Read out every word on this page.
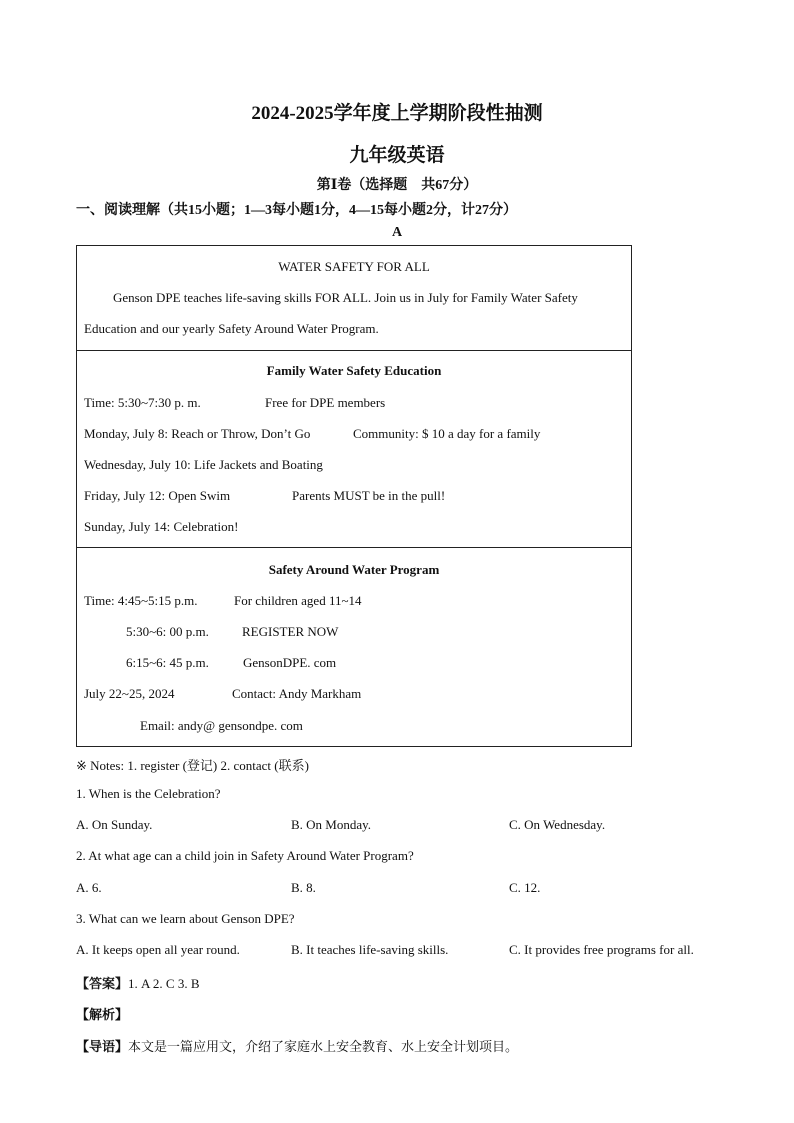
2024-2025学年度上学期阶段性抽测
九年级英语
第Ⅰ卷（选择题　共67分）
一、阅读理解（共15小题；1—3每小题1分，4—15每小题2分，计27分）
A
WATER SAFETY FOR ALL
Genson DPE teaches life-saving skills FOR ALL. Join us in July for Family Water Safety
Education and our yearly Safety Around Water Program.
Family Water Safety Education
Time: 5:30~7:30 p. m.	Free for DPE members
Monday, July 8: Reach or Throw, Don’t Go	Community: $ 10 a day for a family
Wednesday, July 10: Life Jackets and Boating
Friday, July 12: Open Swim	Parents MUST be in the pull!
Sunday, July 14: Celebration!
Safety Around Water Program
Time: 4:45~5:15 p.m.	For children aged 11~14
5:30~6: 00 p.m.	REGISTER NOW
6:15~6: 45 p.m.	GensonDPE. com
July 22~25, 2024	Contact: Andy Markham
Email: andy@ gensondpe. com
※ Notes: 1. register (登记) 2. contact (联系)
1. When is the Celebration?
A. On Sunday.	B. On Monday.	C. On Wednesday.
2. At what age can a child join in Safety Around Water Program?
A. 6.	B. 8.	C. 12.
3. What can we learn about Genson DPE?
A. It keeps open all year round.	B. It teaches life-saving skills.	C. It provides free programs for all.
【答案】1. A 2. C 3. B
【解析】
【导语】本文是一篇应用文，介绍了家庭水上安全教育、水上安全计划项目。
